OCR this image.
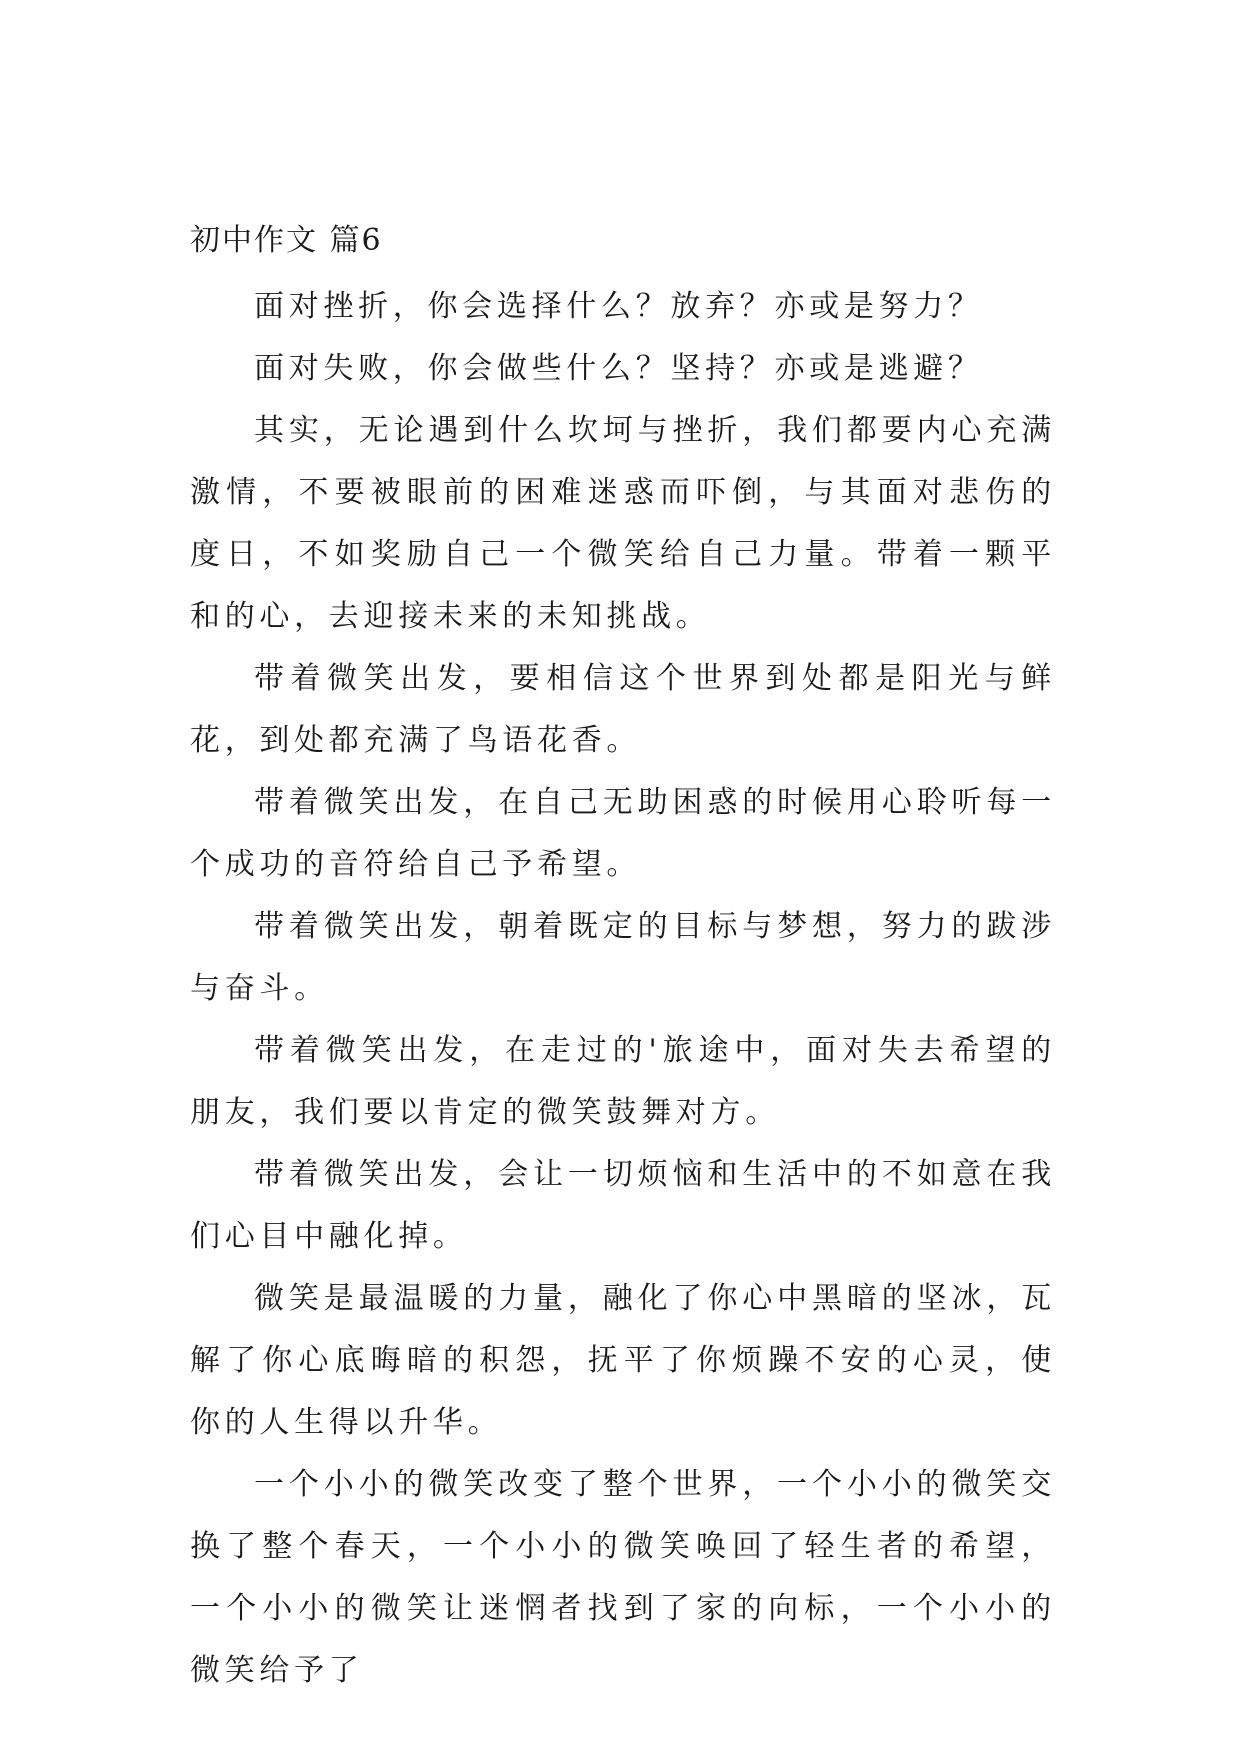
初中作文 篇6

面对挫折，你会选择什么？放弃？亦或是努力？

面对失败，你会做些什么？坚持？亦或是逃避？

其实，无论遇到什么坎坷与挫折，我们都要内心充满激情，不要被眼前的困难迷惑而吓倒，与其面对悲伤的度日，不如奖励自己一个微笑给自己力量。带着一颗平和的心，去迎接未来的未知挑战。

带着微笑出发，要相信这个世界到处都是阳光与鲜花，到处都充满了鸟语花香。

带着微笑出发，在自己无助困惑的时候用心聆听每一个成功的音符给自己予希望。

带着微笑出发，朝着既定的目标与梦想，努力的跋涉与奋斗。

带着微笑出发，在走过的'旅途中，面对失去希望的朋友，我们要以肯定的微笑鼓舞对方。

带着微笑出发，会让一切烦恼和生活中的不如意在我们心目中融化掉。

微笑是最温暖的力量，融化了你心中黑暗的坚冰，瓦解了你心底晦暗的积怨，抚平了你烦躁不安的心灵，使你的人生得以升华。

一个小小的微笑改变了整个世界，一个小小的微笑交换了整个春天，一个小小的微笑唤回了轻生者的希望，一个小小的微笑让迷惘者找到了家的向标，一个小小的微笑给予了
